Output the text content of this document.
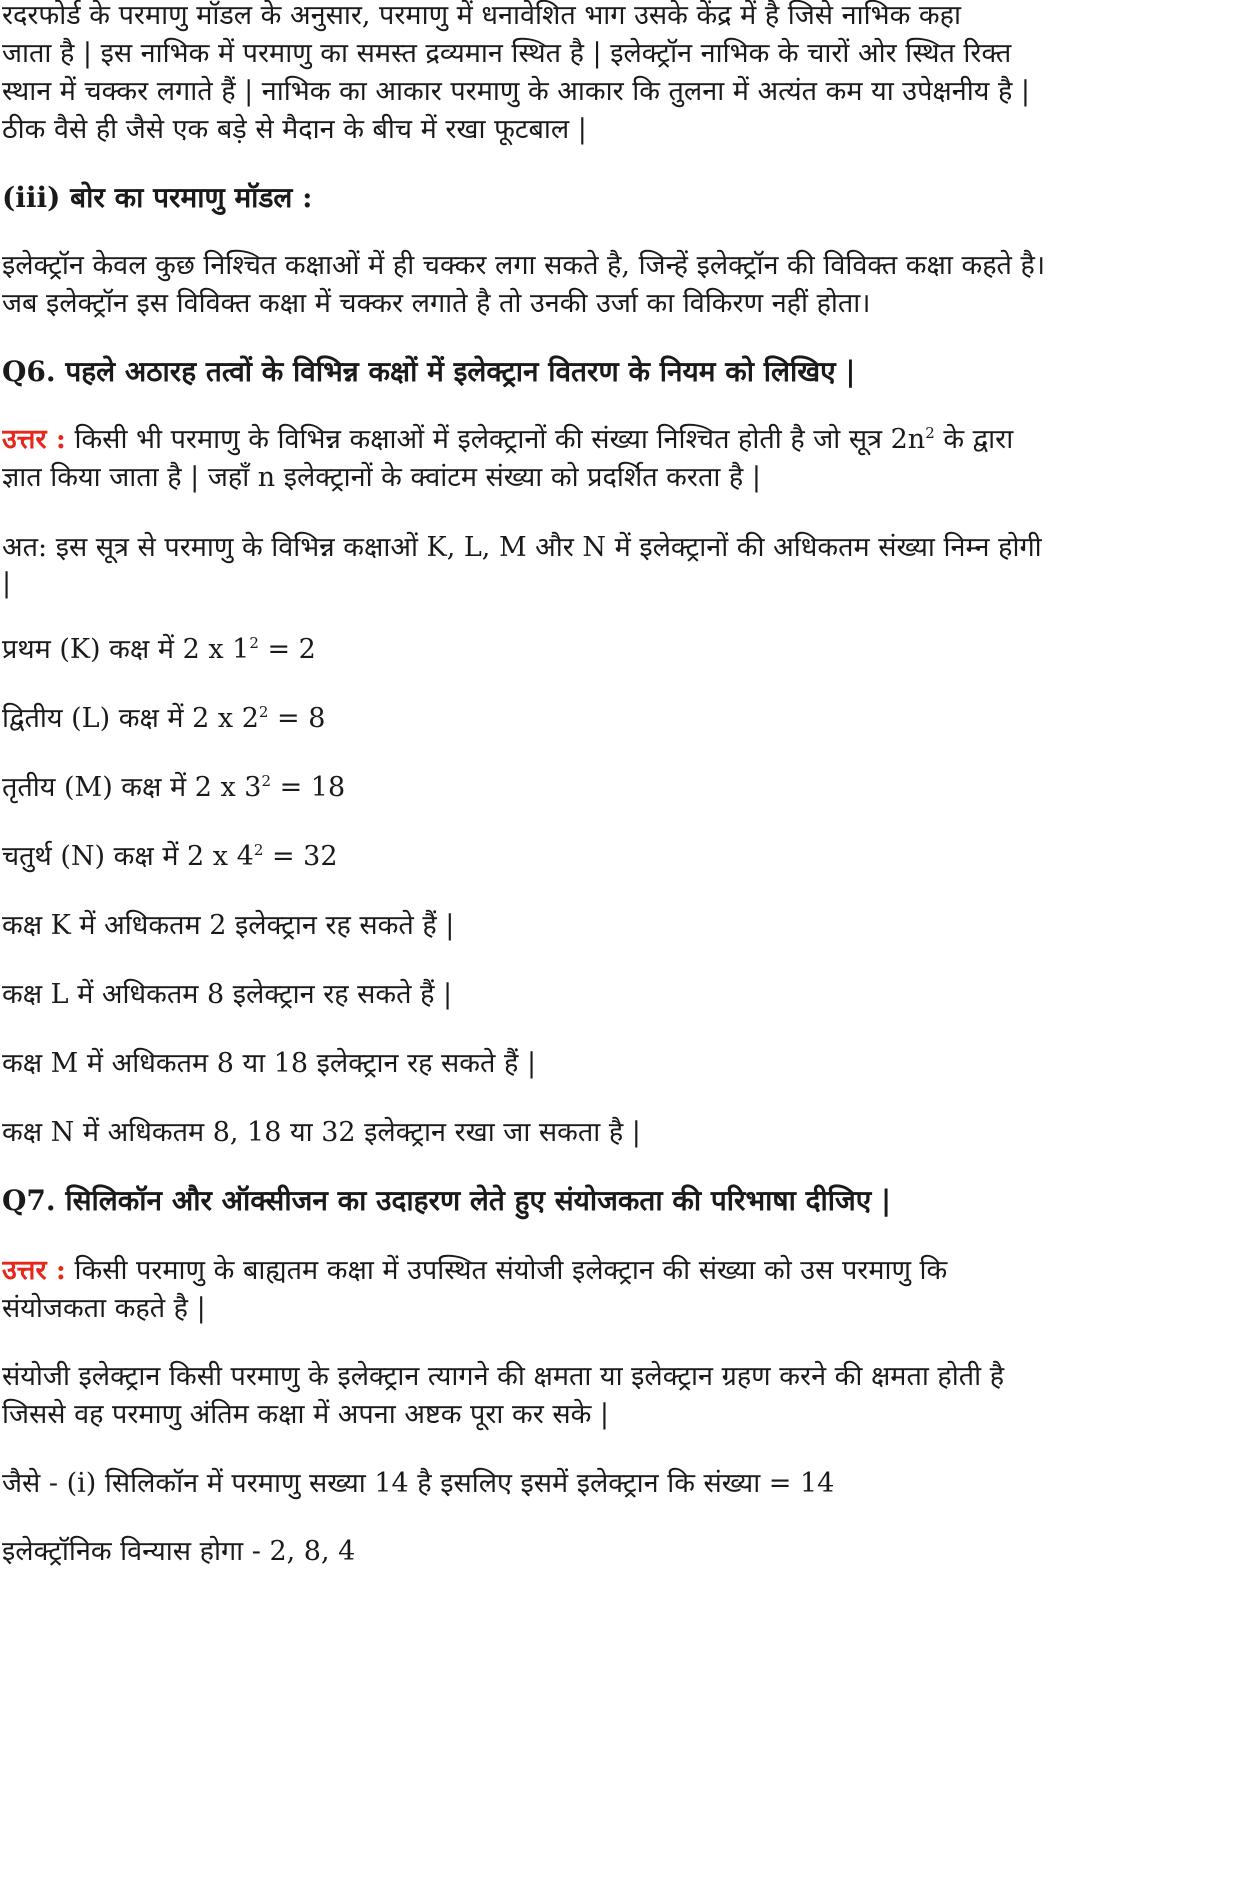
रदरफोर्ड के परमाणु मॉडल के अनुसार, परमाणु में धनावेशित भाग उसके केंद्र में है जिसे नाभिक कहा
जाता है | इस नाभिक में परमाणु का समस्त द्रव्यमान स्थित है | इलेक्ट्रॉन नाभिक के चारों ओर स्थित रिक्त
स्थान में चक्कर लगाते हैं | नाभिक का आकार परमाणु के आकार कि तुलना में अत्यंत कम या उपेक्षनीय है |
ठीक वैसे ही जैसे एक बड़े से मैदान के बीच में रखा फूटबाल |
(iii) बोर का परमाणु मॉडल :
इलेक्ट्रॉन केवल कुछ निश्चित कक्षाओं में ही चक्कर लगा सकते है, जिन्हें इलेक्ट्रॉन की विविक्त कक्षा कहते है।
जब इलेक्ट्रॉन इस विविक्त कक्षा में चक्कर लगाते है तो उनकी उर्जा का विकिरण नहीं होता।
Q6. पहले अठारह तत्वों के विभिन्न कक्षों में इलेक्ट्रान वितरण के नियम को लिखिए |
उत्तर : किसी भी परमाणु के विभिन्न कक्षाओं में इलेक्ट्रानों की संख्या निश्चित होती है जो सूत्र $2n^2$ के द्वारा
ज्ञात किया जाता है | जहाँ n इलेक्ट्रानों के क्वांटम संख्या को प्रदर्शित करता है |
अत: इस सूत्र से परमाणु के विभिन्न कक्षाओं K, L, M और N में इलेक्ट्रानों की अधिकतम संख्या निम्न होगी
|
प्रथम (K) कक्ष में 2 x $1^2 = 2$
द्वितीय (L) कक्ष में 2 x $2^2 = 8$
तृतीय (M) कक्ष में 2 x $3^2 = 18$
चतुर्थ (N) कक्ष में 2 x $4^2 = 32$
कक्ष K में अधिकतम 2 इलेक्ट्रान रह सकते हैं |
कक्ष L में अधिकतम 8 इलेक्ट्रान रह सकते हैं |
कक्ष M में अधिकतम 8 या 18 इलेक्ट्रान रह सकते हैं |
कक्ष N में अधिकतम 8, 18 या 32 इलेक्ट्रान रखा जा सकता है |
Q7. सिलिकॉन और ऑक्सीजन का उदाहरण लेते हुए संयोजकता की परिभाषा दीजिए |
उत्तर : किसी परमाणु के बाह्यतम कक्षा में उपस्थित संयोजी इलेक्ट्रान की संख्या को उस परमाणु कि
संयोजकता कहते है |
संयोजी इलेक्ट्रान किसी परमाणु के इलेक्ट्रान त्यागने की क्षमता या इलेक्ट्रान ग्रहण करने की क्षमता होती है
जिससे वह परमाणु अंतिम कक्षा में अपना अष्टक पूरा कर सके |
जैसे - (i) सिलिकॉन में परमाणु सख्या 14 है इसलिए इसमें इलेक्ट्रान कि संख्या = 14
इलेक्ट्रॉनिक विन्यास होगा - 2, 8, 4
